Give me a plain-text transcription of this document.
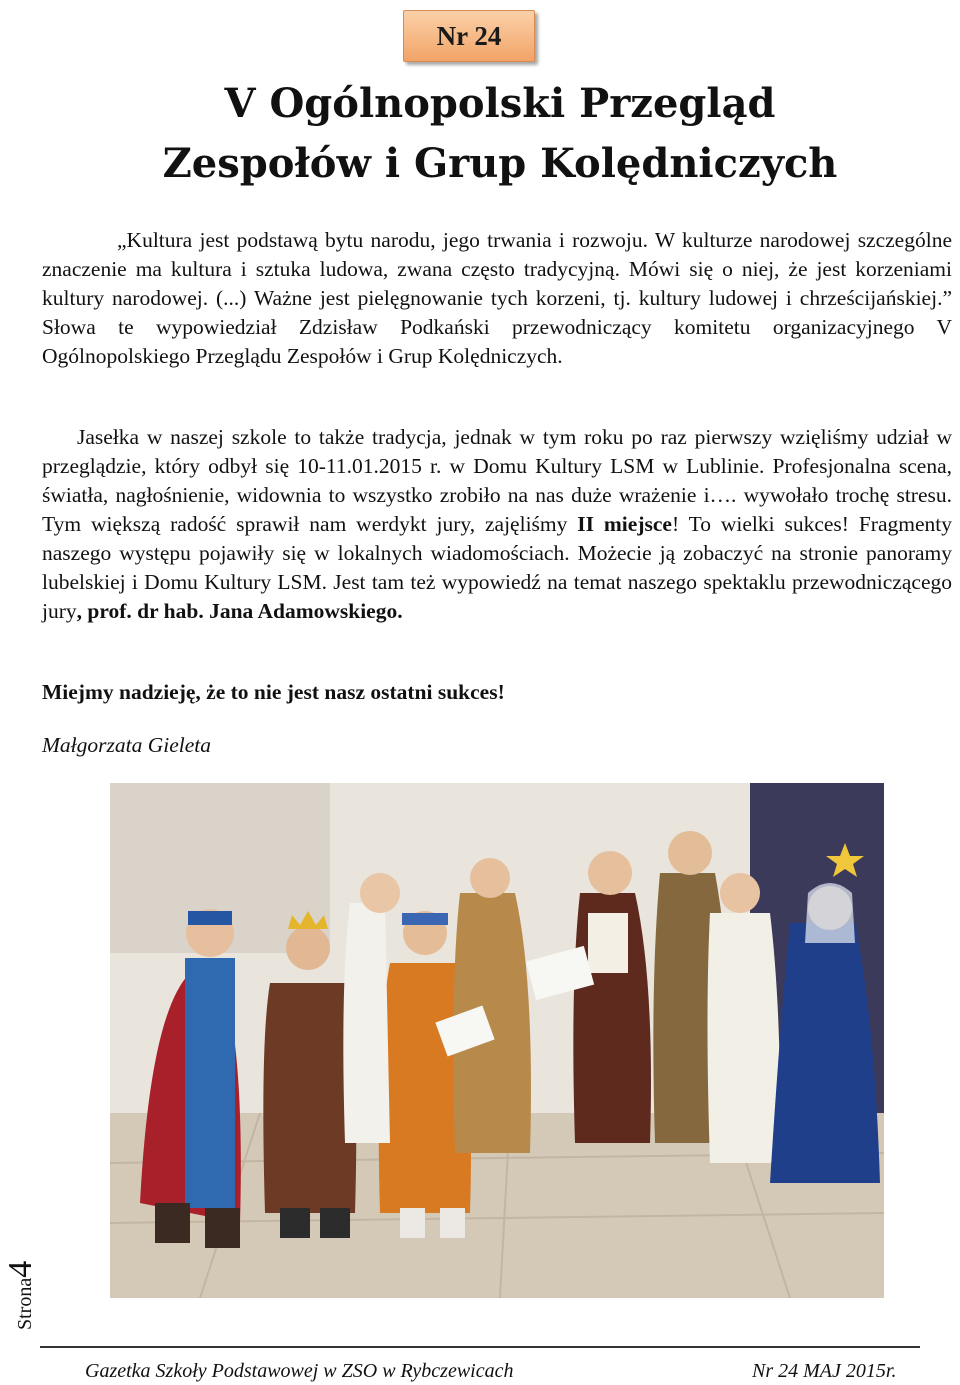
Nr 24
V Ogólnopolski Przegląd
Zespołów i Grup Kolędniczych

„Kultura jest podstawą bytu narodu, jego trwania i rozwoju. W kulturze narodowej szczególne znaczenie ma kultura i sztuka ludowa, zwana często tradycyjną. Mówi się o niej, że jest korzeniami kultury narodowej. (...) Ważne jest pielęgnowanie tych korzeni, tj. kultury ludowej i chrześcijańskiej.” Słowa te wypowiedział Zdzisław Podkański przewodniczący komitetu organizacyjnego V Ogólnopolskiego Przeglądu Zespołów i Grup Kolędniczych.

Jasełka w naszej szkole to także tradycja, jednak w tym roku po raz pierwszy wzięliśmy udział w przeglądzie, który odbył się 10-11.01.2015 r. w Domu Kultury LSM w Lublinie. Profesjonalna scena, światła, nagłośnienie, widownia to wszystko zrobiło na nas duże wrażenie i…. wywołało trochę stresu. Tym większą radość sprawił nam werdykt jury, zajęliśmy II miejsce! To wielki sukces! Fragmenty naszego występu pojawiły się w lokalnych wiadomościach. Możecie ją zobaczyć na stronie panoramy lubelskiej i Domu Kultury LSM. Jest tam też wypowiedź na temat naszego spektaklu przewodniczącego jury, prof. dr hab. Jana Adamowskiego.

Miejmy nadzieję, że to nie jest nasz ostatni sukces!

Małgorzata Gieleta

Strona4

Gazetka Szkoły Podstawowej w ZSO w Rybczewicach	Nr 24 MAJ 2015r.
